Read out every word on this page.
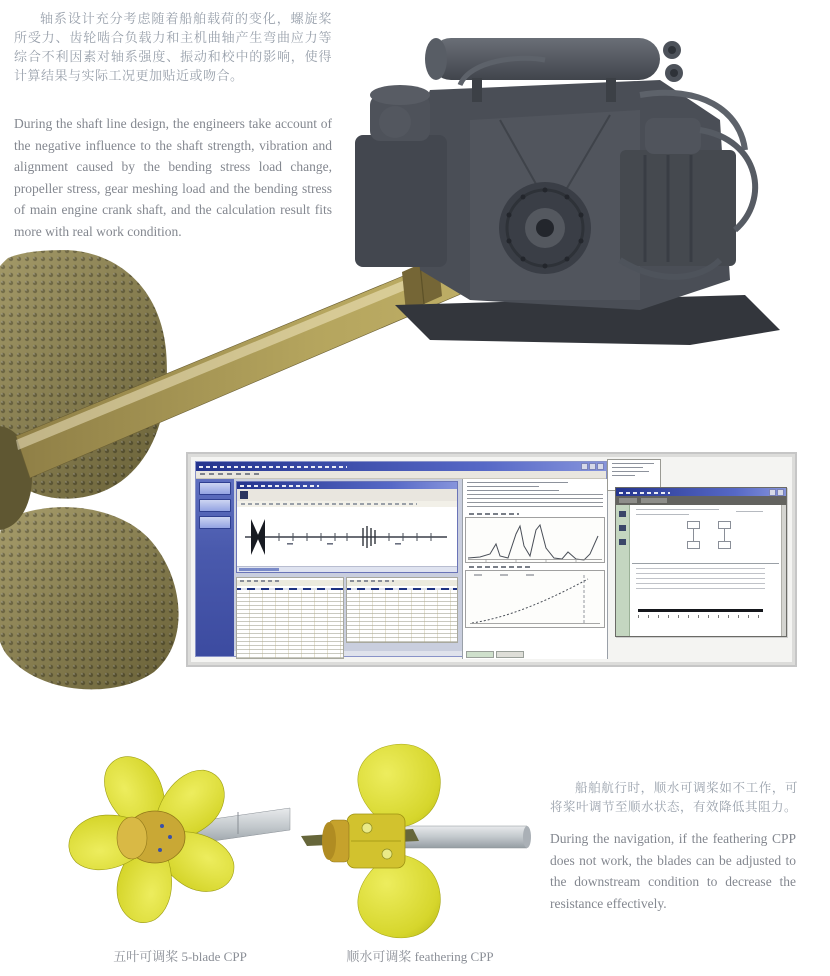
轴系设计充分考虑随着船舶载荷的变化，螺旋桨所受力、齿轮啮合负载力和主机曲轴产生弯曲应力等综合不利因素对轴系强度、振动和校中的影响，使得计算结果与实际工况更加贴近或吻合。
During the shaft line design, the engineers take account of the negative influence to the shaft strength, vibration and alignment caused by the bending stress load change, propeller stress, gear meshing load and the bending stress of main engine crank shaft, and the calculation result fits more with real work condition.
船舶航行时，顺水可调桨如不工作，可将桨叶调节至顺水状态，有效降低其阻力。
During the navigation, if the feathering CPP does not work, the blades can be adjusted to the downstream condition to decrease the resistance effectively.
五叶可调桨 5-blade CPP	顺水可调桨 feathering CPP
